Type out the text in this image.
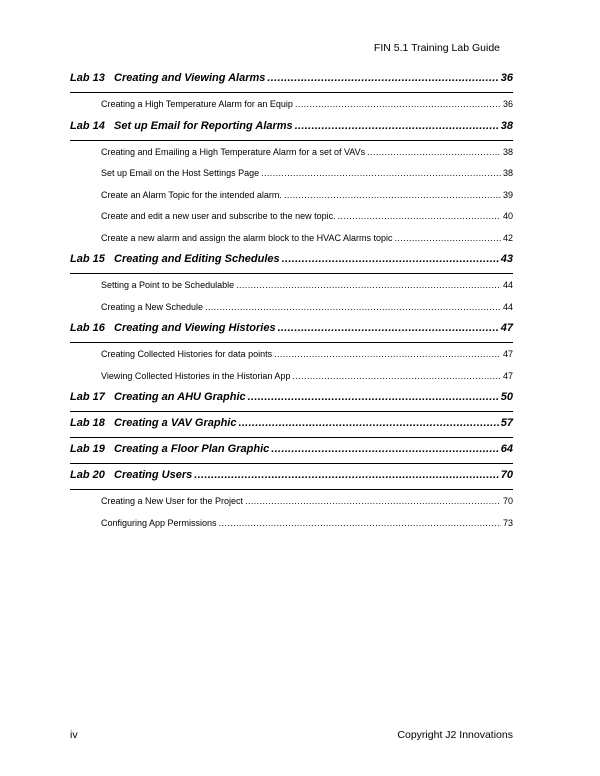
FIN 5.1 Training Lab Guide
Lab 13 Creating and Viewing Alarms .....	36
Creating a High Temperature Alarm for an Equip .....	36
Lab 14 Set up Email for Reporting Alarms .....	38
Creating and Emailing a High Temperature Alarm for a set of VAVs .....	38
Set up Email on the Host Settings Page .....	38
Create an Alarm Topic for the intended alarm. .....	39
Create and edit a new user and subscribe to the new topic. .....	40
Create a new alarm and assign the alarm block to the HVAC Alarms topic .....	42
Lab 15 Creating and Editing Schedules .....	43
Setting a Point to be Schedulable .....	44
Creating a New Schedule .....	44
Lab 16 Creating and Viewing Histories .....	47
Creating Collected Histories for data points .....	47
Viewing Collected Histories in the Historian App .....	47
Lab 17 Creating an AHU Graphic .....	50
Lab 18 Creating a VAV Graphic .....	57
Lab 19 Creating a Floor Plan Graphic .....	64
Lab 20 Creating Users .....	70
Creating a New User for the Project .....	70
Configuring App Permissions .....	73
iv	Copyright J2 Innovations
